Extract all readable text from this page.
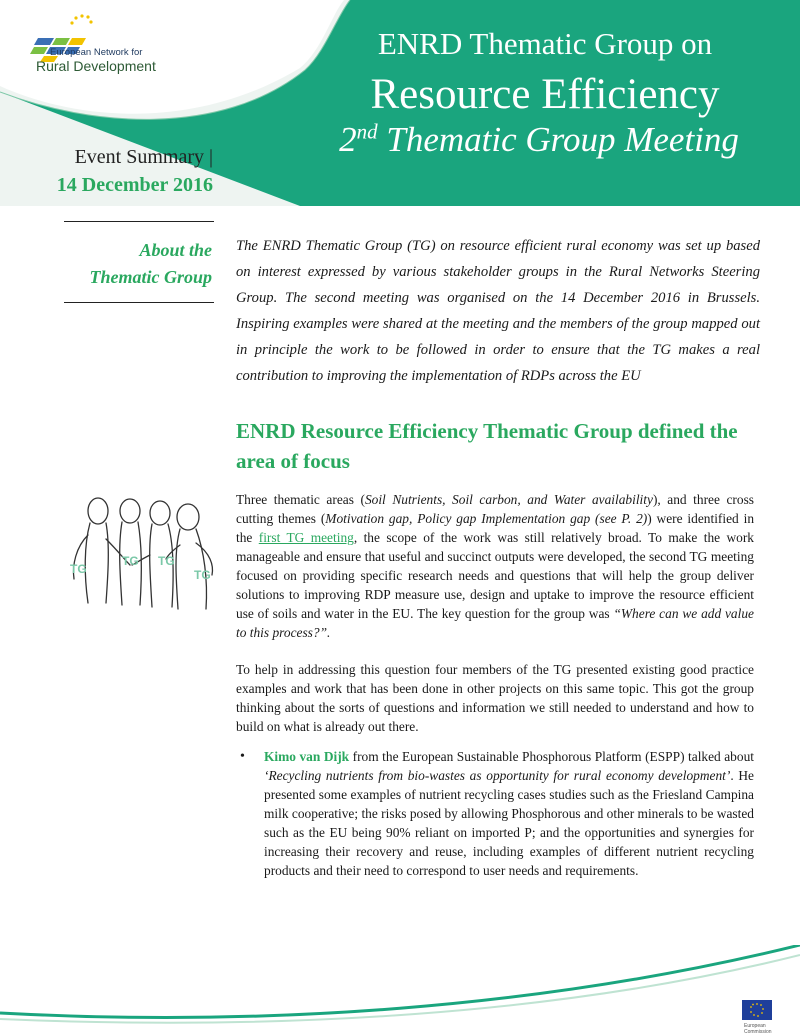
European Network for
Rural Development
ENRD Thematic Group on
Resource Efficiency
2nd Thematic Group Meeting
Event Summary |
14 December 2016
About the
Thematic Group
The ENRD Thematic Group (TG) on resource efficient rural economy was set up based on interest expressed by various stakeholder groups in the Rural Networks Steering Group. The second meeting was organised on the 14 December 2016 in Brussels. Inspiring examples were shared at the meeting and the members of the group mapped out in principle the work to be followed in order to ensure that the TG makes a real contribution to improving the implementation of RDPs across the EU
ENRD Resource Efficiency Thematic Group defined the area of focus
TG
TG TG
TG
Three thematic areas (Soil Nutrients, Soil carbon, and Water availability), and three cross cutting themes (Motivation gap, Policy gap Implementation gap (see P. 2)) were identified in the first TG meeting, the scope of the work was still relatively broad. To make the work manageable and ensure that useful and succinct outputs were developed, the second TG meeting focused on providing specific research needs and questions that will help the group deliver solutions to improving RDP measure use, design and uptake to improve the resource efficient use of soils and water in the EU. The key question for the group was “Where can we add value to this process?”.
To help in addressing this question four members of the TG presented existing good practice examples and work that has been done in other projects on this same topic. This got the group thinking about the sorts of questions and information we still needed to understand and how to build on what is already out there.
• Kimo van Dijk from the European Sustainable Phosphorous Platform (ESPP) talked about ‘Recycling nutrients from bio-wastes as opportunity for rural economy development’. He presented some examples of nutrient recycling cases studies such as the Friesland Campina milk cooperative; the risks posed by allowing Phosphorous and other minerals to be wasted such as the EU being 90% reliant on imported P; and the opportunities and synergies for increasing their recovery and reuse, including examples of different nutrient recycling products and their need to correspond to user needs and requirements.
European
Commission
